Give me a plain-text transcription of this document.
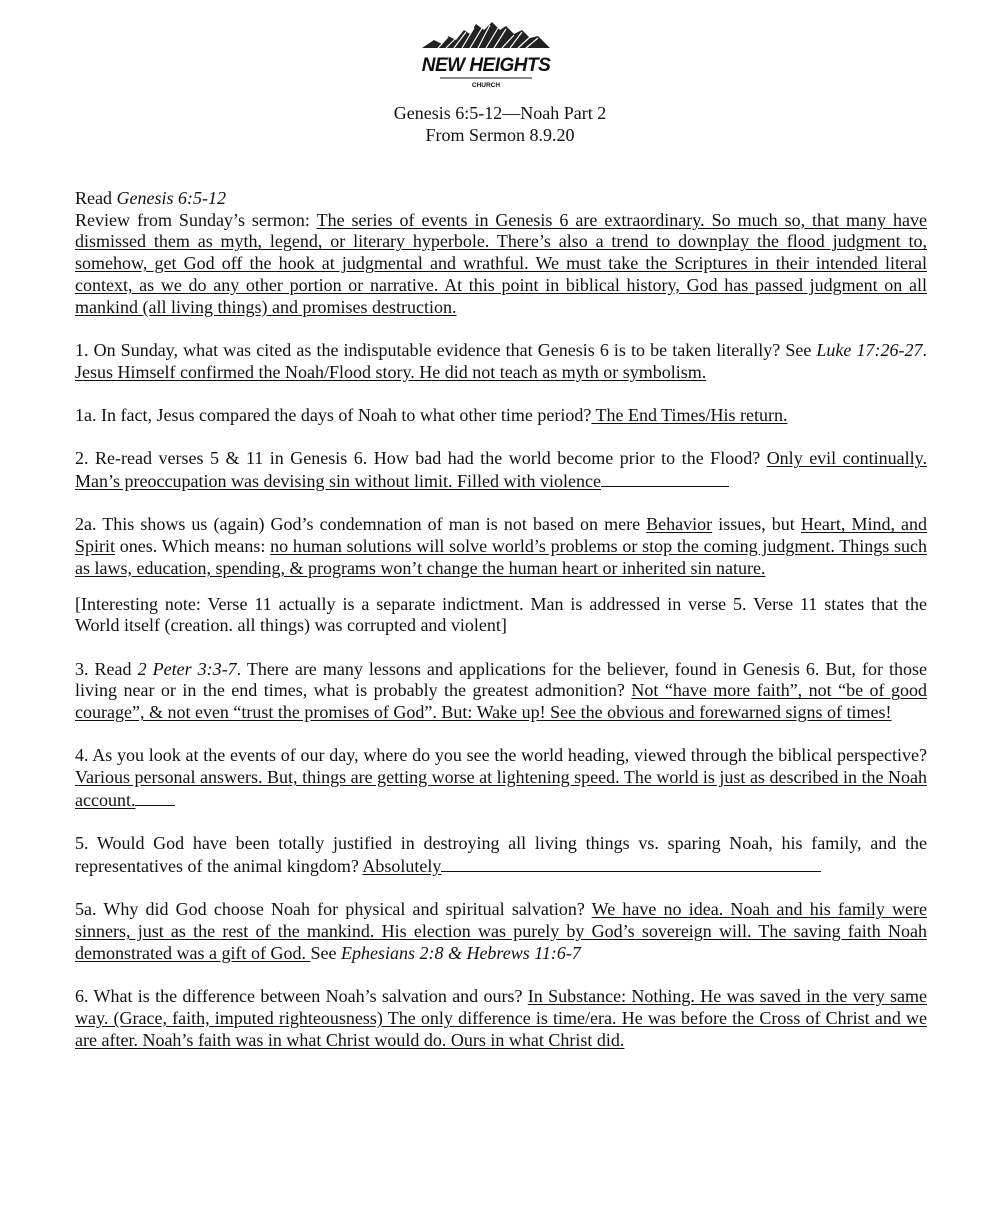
NEW HEIGHTS
CHURCH
Genesis 6:5-12—Noah Part 2
From Sermon 8.9.20
Read Genesis 6:5-12
Review from Sunday’s sermon: The series of events in Genesis 6 are extraordinary. So much so, that many have dismissed them as myth, legend, or literary hyperbole. There’s also a trend to downplay the flood judgment to, somehow, get God off the hook at judgmental and wrathful. We must take the Scriptures in their intended literal context, as we do any other portion or narrative. At this point in biblical history, God has passed judgment on all mankind (all living things) and promises destruction.
1. On Sunday, what was cited as the indisputable evidence that Genesis 6 is to be taken literally? See Luke 17:26-27. Jesus Himself confirmed the Noah/Flood story. He did not teach as myth or symbolism.
1a. In fact, Jesus compared the days of Noah to what other time period? The End Times/His return.
2. Re-read verses 5 & 11 in Genesis 6. How bad had the world become prior to the Flood? Only evil continually. Man’s preoccupation was devising sin without limit. Filled with violence
2a. This shows us (again) God’s condemnation of man is not based on mere Behavior issues, but Heart, Mind, and Spirit ones. Which means: no human solutions will solve world’s problems or stop the coming judgment. Things such as laws, education, spending, & programs won’t change the human heart or inherited sin nature.
[Interesting note: Verse 11 actually is a separate indictment. Man is addressed in verse 5. Verse 11 states that the World itself (creation. all things) was corrupted and violent]
3. Read 2 Peter 3:3-7. There are many lessons and applications for the believer, found in Genesis 6. But, for those living near or in the end times, what is probably the greatest admonition? Not “have more faith”, not “be of good courage”, & not even “trust the promises of God”. But: Wake up! See the obvious and forewarned signs of times!
4. As you look at the events of our day, where do you see the world heading, viewed through the biblical perspective? Various personal answers. But, things are getting worse at lightening speed. The world is just as described in the Noah account.
5. Would God have been totally justified in destroying all living things vs. sparing Noah, his family, and the representatives of the animal kingdom? Absolutely
5a. Why did God choose Noah for physical and spiritual salvation? We have no idea. Noah and his family were sinners, just as the rest of the mankind. His election was purely by God’s sovereign will. The saving faith Noah demonstrated was a gift of God. See Ephesians 2:8 & Hebrews 11:6-7
6. What is the difference between Noah’s salvation and ours? In Substance: Nothing. He was saved in the very same way. (Grace, faith, imputed righteousness) The only difference is time/era. He was before the Cross of Christ and we are after. Noah’s faith was in what Christ would do. Ours in what Christ did.
